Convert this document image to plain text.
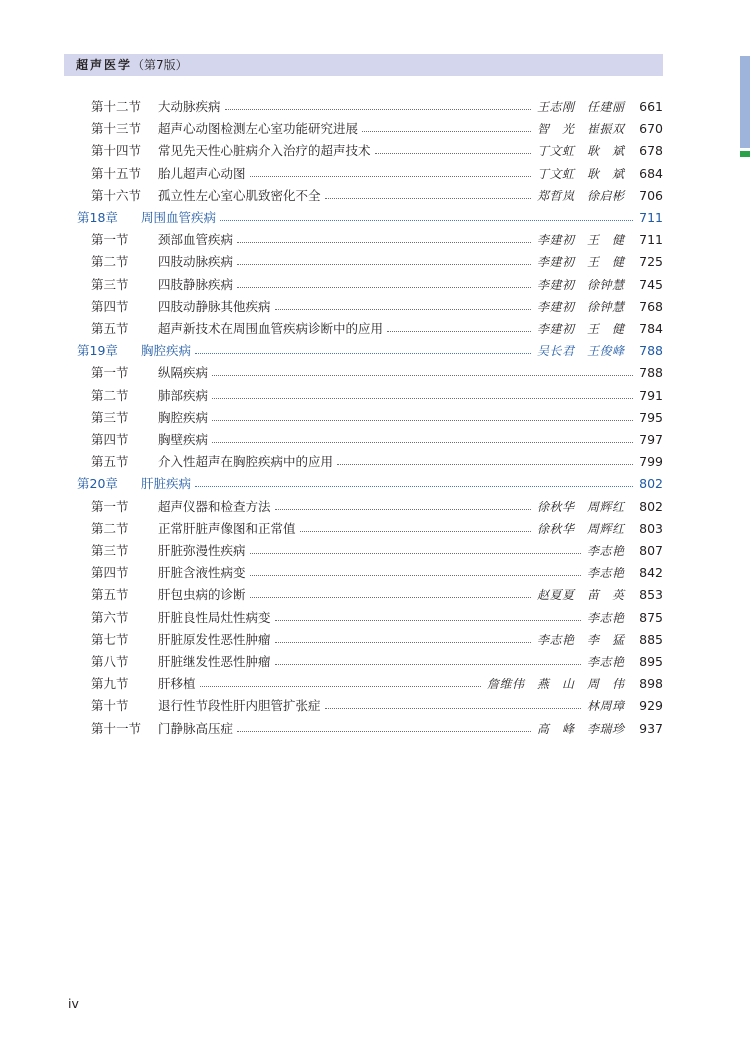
超声医学（第7版）
第十二节 大动脉疾病	王志刚　任建丽 661
第十三节 超声心动图检测左心室功能研究进展	智　光　崔振双 670
第十四节 常见先天性心脏病介入治疗的超声技术	丁文虹　耿　斌 678
第十五节 胎儿超声心动图	丁文虹　耿　斌 684
第十六节 孤立性左心室心肌致密化不全	郑哲岚　徐启彬 706
第18章 周围血管疾病	711
第一节 颈部血管疾病	李建初　王　健 711
第二节 四肢动脉疾病	李建初　王　健 725
第三节 四肢静脉疾病	李建初　徐钟慧 745
第四节 四肢动静脉其他疾病	李建初　徐钟慧 768
第五节 超声新技术在周围血管疾病诊断中的应用	李建初　王　健 784
第19章 胸腔疾病	吴长君　王俊峰 788
第一节 纵隔疾病	788
第二节 肺部疾病	791
第三节 胸腔疾病	795
第四节 胸壁疾病	797
第五节 介入性超声在胸腔疾病中的应用	799
第20章 肝脏疾病	802
第一节 超声仪器和检查方法	徐秋华　周辉红 802
第二节 正常肝脏声像图和正常值	徐秋华　周辉红 803
第三节 肝脏弥漫性疾病	李志艳 807
第四节 肝脏含液性病变	李志艳 842
第五节 肝包虫病的诊断	赵夏夏　苗　英 853
第六节 肝脏良性局灶性病变	李志艳 875
第七节 肝脏原发性恶性肿瘤	李志艳　李　猛 885
第八节 肝脏继发性恶性肿瘤	李志艳 895
第九节 肝移植	詹维伟　燕　山　周　伟 898
第十节 退行性节段性肝内胆管扩张症	林周璋 929
第十一节 门静脉高压症	高　峰　李瑞珍 937
iv
